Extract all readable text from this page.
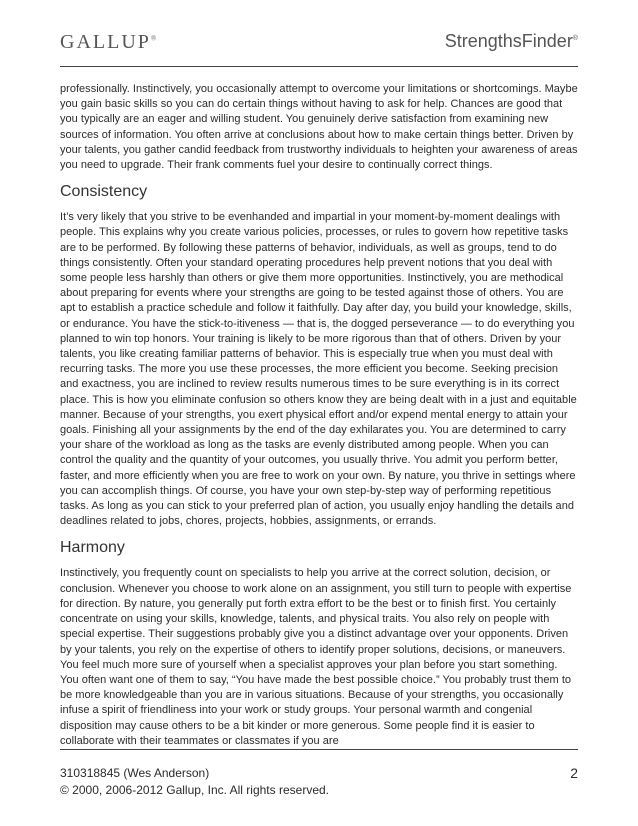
GALLUP®	StrengthsFinder®

professionally. Instinctively, you occasionally attempt to overcome your limitations or shortcomings. Maybe you gain basic skills so you can do certain things without having to ask for help. Chances are good that you typically are an eager and willing student. You genuinely derive satisfaction from examining new sources of information. You often arrive at conclusions about how to make certain things better. Driven by your talents, you gather candid feedback from trustworthy individuals to heighten your awareness of areas you need to upgrade. Their frank comments fuel your desire to continually correct things.

Consistency

It’s very likely that you strive to be evenhanded and impartial in your moment-by-moment dealings with people. This explains why you create various policies, processes, or rules to govern how repetitive tasks are to be performed. By following these patterns of behavior, individuals, as well as groups, tend to do things consistently. Often your standard operating procedures help prevent notions that you deal with some people less harshly than others or give them more opportunities. Instinctively, you are methodical about preparing for events where your strengths are going to be tested against those of others. You are apt to establish a practice schedule and follow it faithfully. Day after day, you build your knowledge, skills, or endurance. You have the stick-to-itiveness — that is, the dogged perseverance — to do everything you planned to win top honors. Your training is likely to be more rigorous than that of others. Driven by your talents, you like creating familiar patterns of behavior. This is especially true when you must deal with recurring tasks. The more you use these processes, the more efficient you become. Seeking precision and exactness, you are inclined to review results numerous times to be sure everything is in its correct place. This is how you eliminate confusion so others know they are being dealt with in a just and equitable manner. Because of your strengths, you exert physical effort and/or expend mental energy to attain your goals. Finishing all your assignments by the end of the day exhilarates you. You are determined to carry your share of the workload as long as the tasks are evenly distributed among people. When you can control the quality and the quantity of your outcomes, you usually thrive. You admit you perform better, faster, and more efficiently when you are free to work on your own. By nature, you thrive in settings where you can accomplish things. Of course, you have your own step-by-step way of performing repetitious tasks. As long as you can stick to your preferred plan of action, you usually enjoy handling the details and deadlines related to jobs, chores, projects, hobbies, assignments, or errands.

Harmony

Instinctively, you frequently count on specialists to help you arrive at the correct solution, decision, or conclusion. Whenever you choose to work alone on an assignment, you still turn to people with expertise for direction. By nature, you generally put forth extra effort to be the best or to finish first. You certainly concentrate on using your skills, knowledge, talents, and physical traits. You also rely on people with special expertise. Their suggestions probably give you a distinct advantage over your opponents. Driven by your talents, you rely on the expertise of others to identify proper solutions, decisions, or maneuvers. You feel much more sure of yourself when a specialist approves your plan before you start something. You often want one of them to say, “You have made the best possible choice.” You probably trust them to be more knowledgeable than you are in various situations. Because of your strengths, you occasionally infuse a spirit of friendliness into your work or study groups. Your personal warmth and congenial disposition may cause others to be a bit kinder or more generous. Some people find it is easier to collaborate with their teammates or classmates if you are

310318845 (Wes Anderson)
© 2000, 2006-2012 Gallup, Inc. All rights reserved.
2
